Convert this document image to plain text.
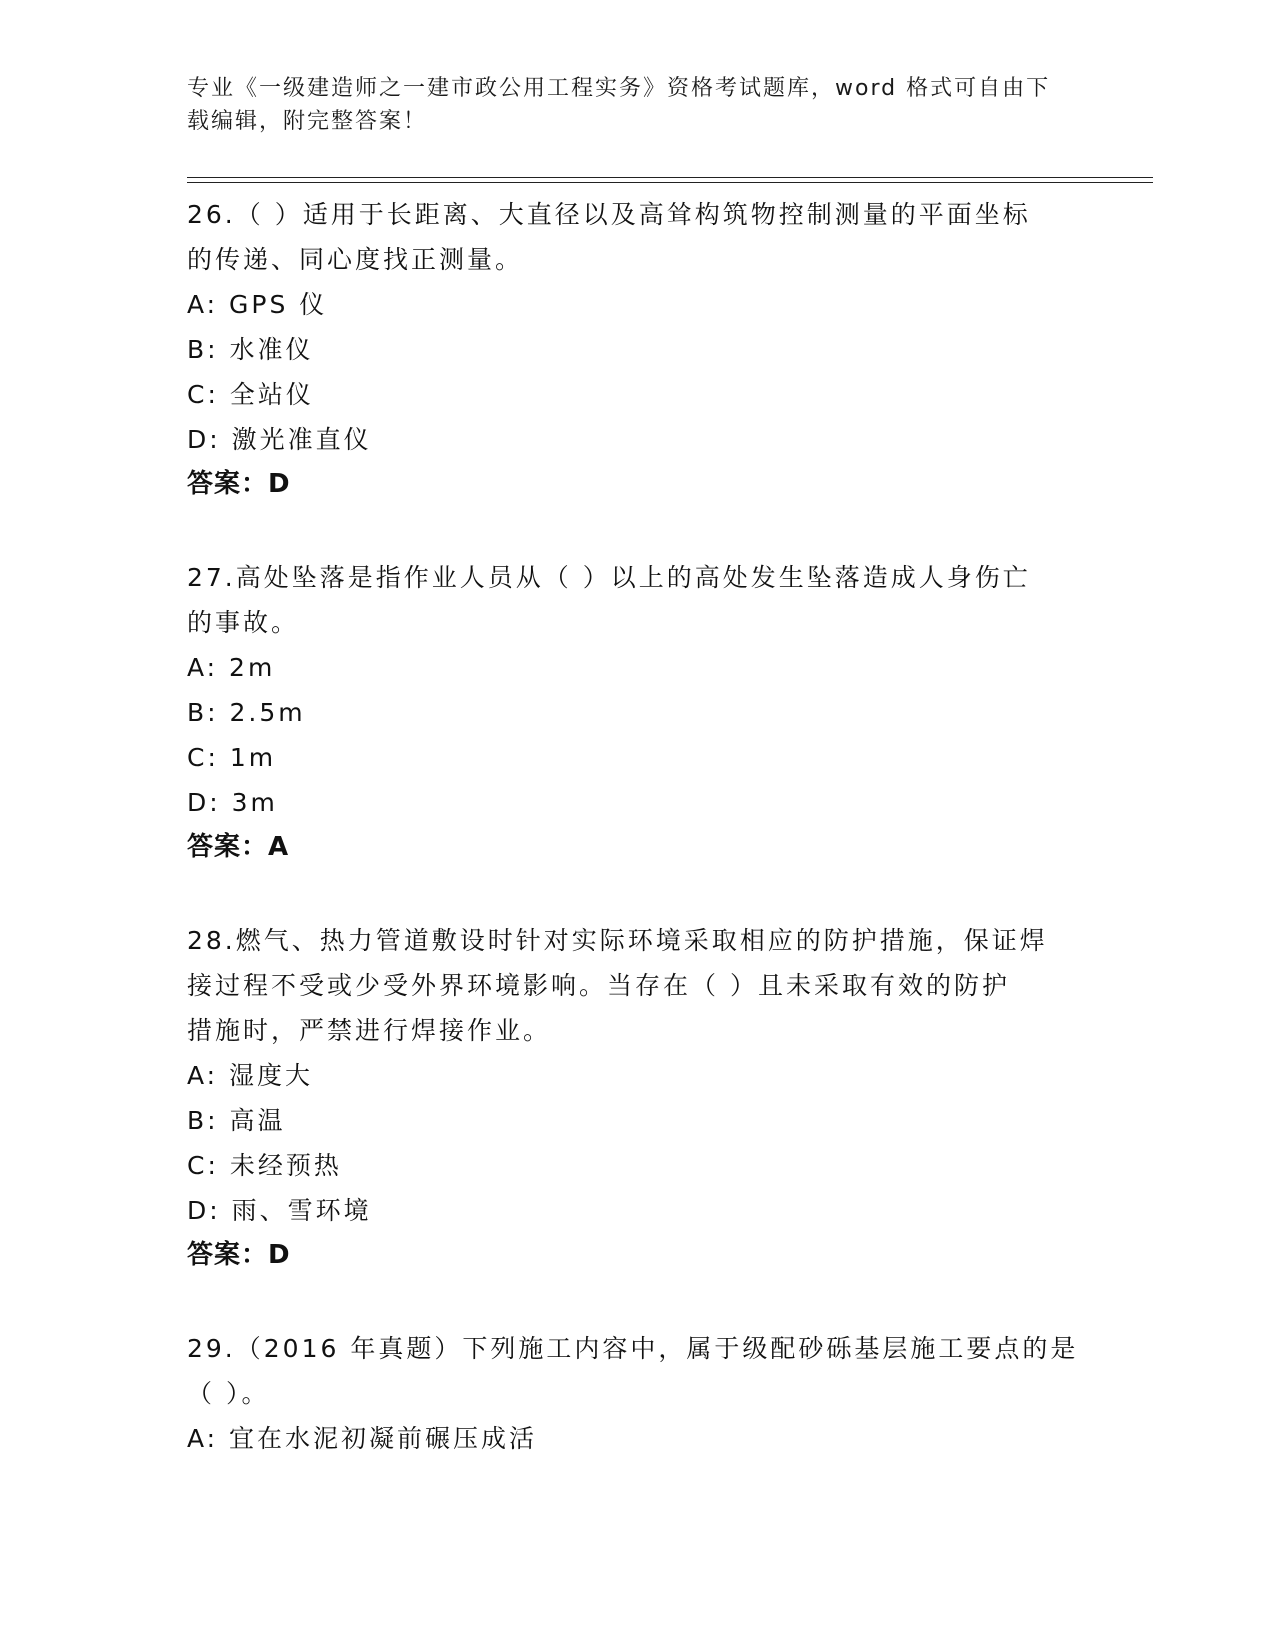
专业《一级建造师之一建市政公用工程实务》资格考试题库，word 格式可自由下
载编辑，附完整答案！
26.（ ）适用于长距离、大直径以及高耸构筑物控制测量的平面坐标
的传递、同心度找正测量。
A: GPS 仪
B: 水准仪
C: 全站仪
D: 激光准直仪
答案：D
27.高处坠落是指作业人员从（ ）以上的高处发生坠落造成人身伤亡
的事故。
A: 2m
B: 2.5m
C: 1m
D: 3m
答案：A
28.燃气、热力管道敷设时针对实际环境采取相应的防护措施，保证焊
接过程不受或少受外界环境影响。当存在（ ）且未采取有效的防护
措施时，严禁进行焊接作业。
A: 湿度大
B: 高温
C: 未经预热
D: 雨、雪环境
答案：D
29.（2016 年真题）下列施工内容中，属于级配砂砾基层施工要点的是
（ ）。
A: 宜在水泥初凝前碾压成活
